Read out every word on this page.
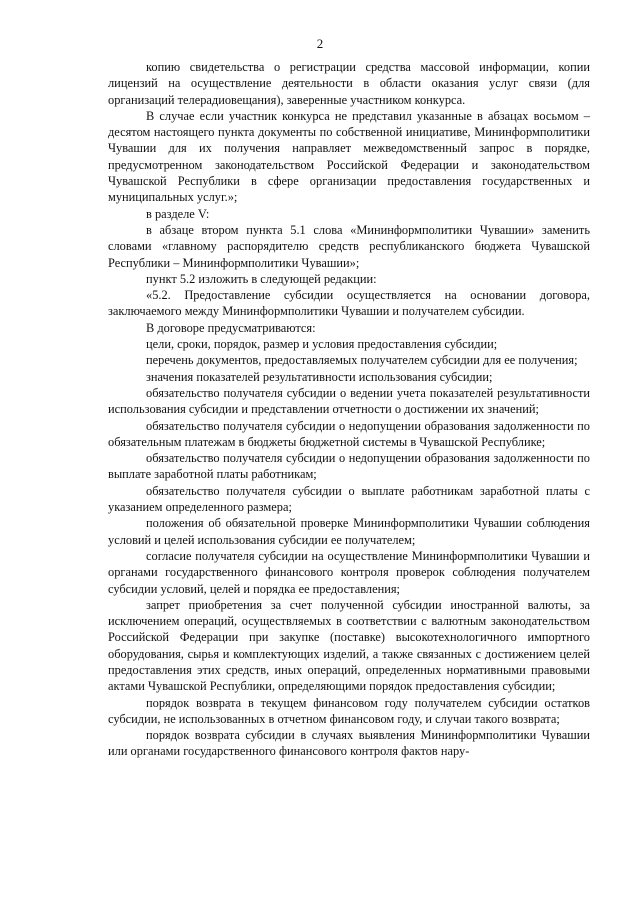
2

копию свидетельства о регистрации средства массовой информации, копии лицензий на осуществление деятельности в области оказания услуг связи (для организаций телерадиовещания), заверенные участником конкурса.

В случае если участник конкурса не представил указанные в абзацах восьмом – десятом настоящего пункта документы по собственной инициативе, Мининформполитики Чувашии для их получения направляет межведомственный запрос в порядке, предусмотренном законодательством Российской Федерации и законодательством Чувашской Республики в сфере организации предоставления государственных и муниципальных услуг.»;

в разделе V:

в абзаце втором пункта 5.1 слова «Мининформполитики Чувашии» заменить словами «главному распорядителю средств республиканского бюджета Чувашской Республики – Мининформполитики Чувашии»;

пункт 5.2 изложить в следующей редакции:

«5.2. Предоставление субсидии осуществляется на основании договора, заключаемого между Мининформполитики Чувашии и получателем субсидии.

В договоре предусматриваются:

цели, сроки, порядок, размер и условия предоставления субсидии;

перечень документов, предоставляемых получателем субсидии для ее получения;

значения показателей результативности использования субсидии;

обязательство получателя субсидии о ведении учета показателей результативности использования субсидии и представлении отчетности о достижении их значений;

обязательство получателя субсидии о недопущении образования задолженности по обязательным платежам в бюджеты бюджетной системы в Чувашской Республике;

обязательство получателя субсидии о недопущении образования задолженности по выплате заработной платы работникам;

обязательство получателя субсидии о выплате работникам заработной платы с указанием определенного размера;

положения об обязательной проверке Мининформполитики Чувашии соблюдения условий и целей использования субсидии ее получателем;

согласие получателя субсидии на осуществление Мининформполитики Чувашии и органами государственного финансового контроля проверок соблюдения получателем субсидии условий, целей и порядка ее предоставления;

запрет приобретения за счет полученной субсидии иностранной валюты, за исключением операций, осуществляемых в соответствии с валютным законодательством Российской Федерации при закупке (поставке) высокотехнологичного импортного оборудования, сырья и комплектующих изделий, а также связанных с достижением целей предоставления этих средств, иных операций, определенных нормативными правовыми актами Чувашской Республики, определяющими порядок предоставления субсидии;

порядок возврата в текущем финансовом году получателем субсидии остатков субсидии, не использованных в отчетном финансовом году, и случаи такого возврата;

порядок возврата субсидии в случаях выявления Мининформполитики Чувашии или органами государственного финансового контроля фактов нару-
